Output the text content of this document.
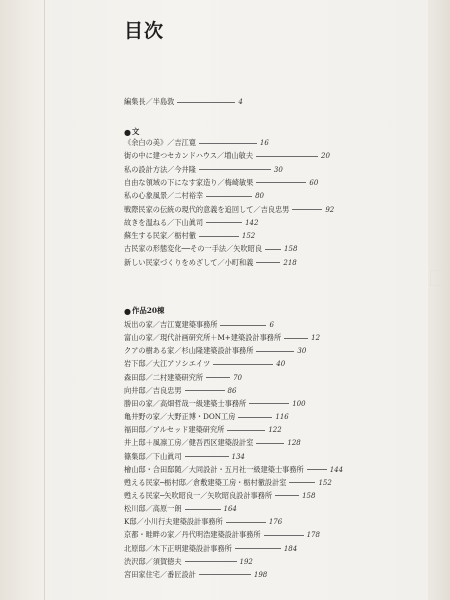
目次
編集長／半島敦	4
● 文
《余白の美》／吉江寛	16
街の中に建つセカンドハウス／増山敏夫	20
私の設計方法／今井隆	30
自由な領域の下になす家造り／梅崎敏果	60
私の心象風景／二村裕幸	80
戦際民家の伝統の現代的意義を追回して／吉良忠男	92
故きを温ねる／下山眞司	142
蘇生する民家／栃村徹	152
古民家の形態変化──その一手法／矢吹昭良	158
新しい民家づくりをめざして／小町和義	218
● 作品20棟
坂出の家／吉江寛建築事務所	6
富山の家／現代計画研究所＋M+建築設計事務所	12
クアの樹ある家／杉山隆建築設計事務所	30
岩下邸／大江アソシエイツ	40
森田邸／二村建築研究所	70
向井邸／吉良忠男	86
勝田の家／高畑哲哉一級建築士事務所	100
亀井野の家／大野正博・DON工房	116
福田邸／アルセッド建築研究所	122
井上邸＋風凛工房／健吾西区建築設計室	128
篠集邸／下山眞司	134
檜山邸・合田邸随／大同設計・五月社一級建築士事務所	144
甦える民家─栃村邸／倉敷建築工房・栃村徹設計室	152
甦える民家─矢吹昭良一／矢吹昭良設計事務所	158
松川邸／高原一朗	164
K邸／小川行夫建築設計事務所	176
京都・畦畔の家／丹代明浩建築設計事務所	178
北原邸／木下正明建築設計事務所	184
渋沢邸／須賀徳夫	192
宮田家住宅／番匠設計	198
